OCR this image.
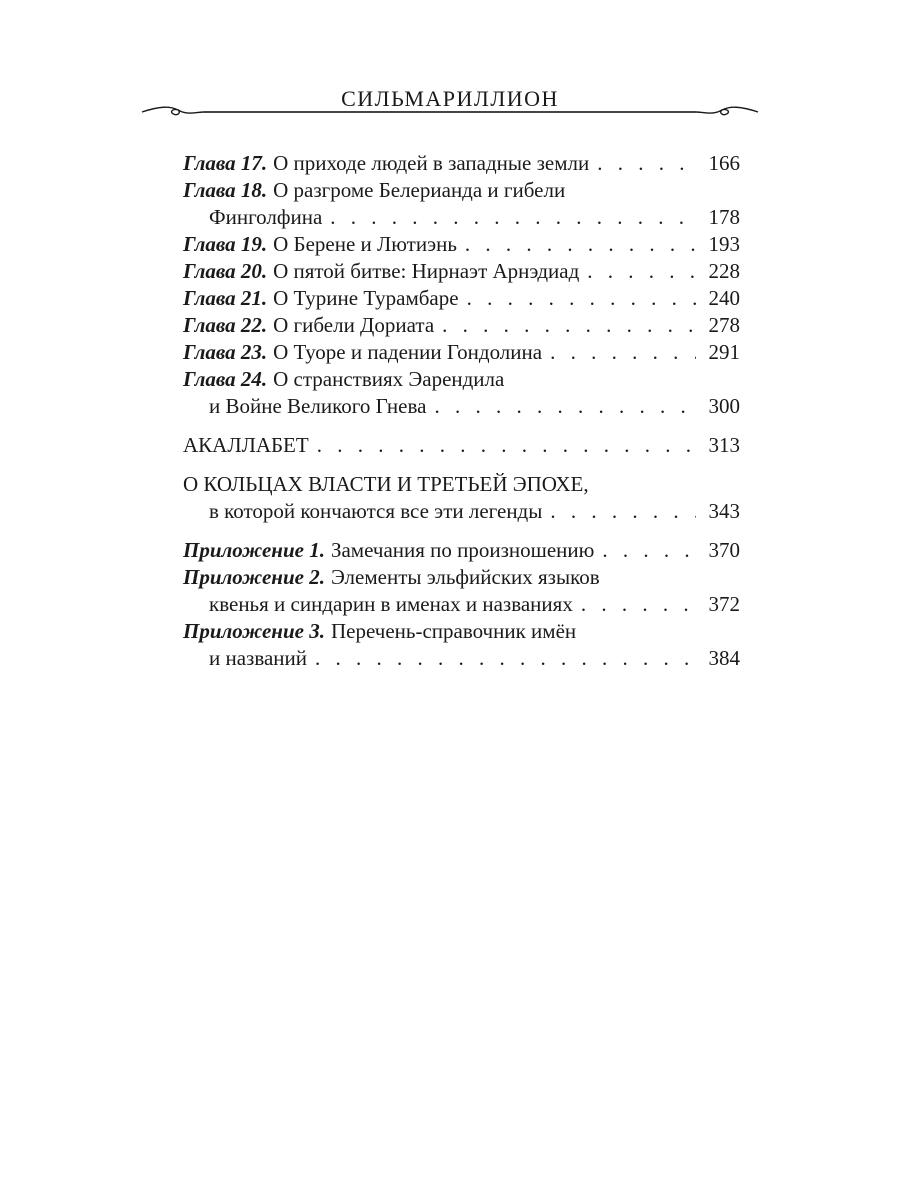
СИЛЬМАРИЛЛИОН
Глава 17. О приходе людей в западные земли . . .	166
Глава 18. О разгроме Белерианда и гибели
Финголфина . . .	178
Глава 19. О Берене и Лютиэнь . . .	193
Глава 20. О пятой битве: Нирнаэт Арнэдиад . . .	228
Глава 21. О Турине Турамбаре . . .	240
Глава 22. О гибели Дориата . . .	278
Глава 23. О Туоре и падении Гондолина . . .	291
Глава 24. О странствиях Эарендила
и Войне Великого Гнева . . .	300
АКАЛЛАБЕТ . . .	313
О КОЛЬЦАХ ВЛАСТИ И ТРЕТЬЕЙ ЭПОХЕ,
в которой кончаются все эти легенды . . .	343
Приложение 1. Замечания по произношению . . .	370
Приложение 2. Элементы эльфийских языков
квенья и синдарин в именах и названиях . . .	372
Приложение 3. Перечень-справочник имён
и названий . . .	384
